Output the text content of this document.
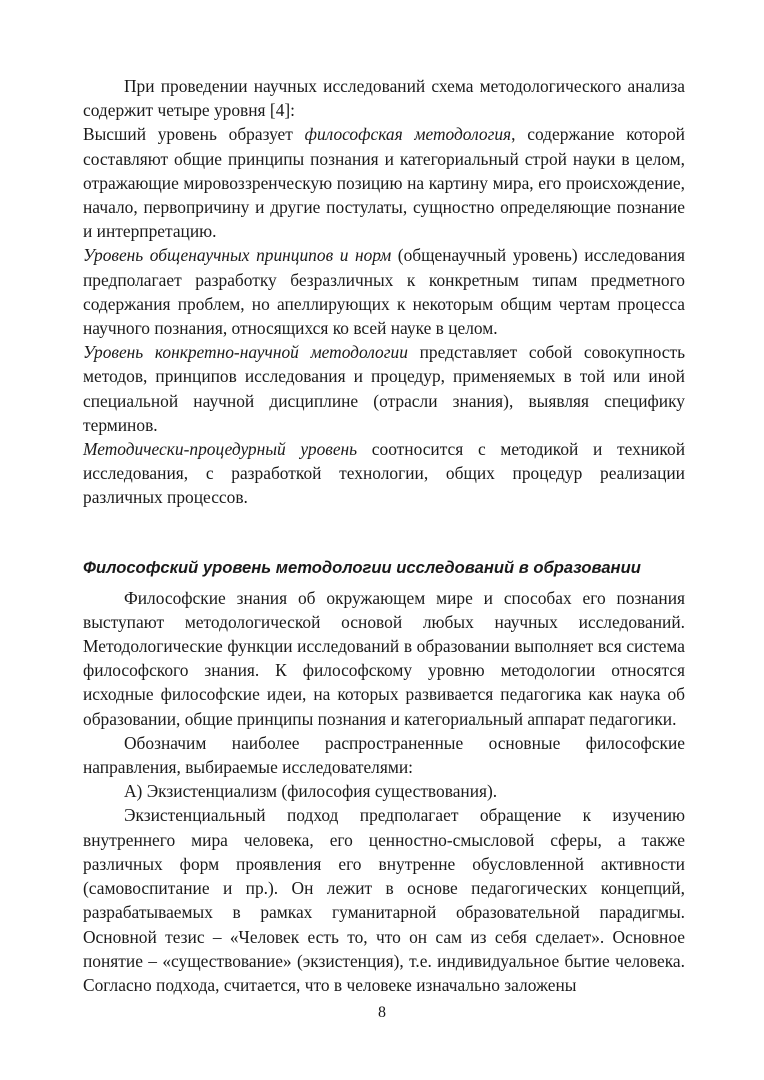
При проведении научных исследований схема методологического анализа содержит четыре уровня [4]:

Высший уровень образует философская методология, содержание которой составляют общие принципы познания и категориальный строй науки в целом, отражающие мировоззренческую позицию на картину мира, его происхождение, начало, первопричину и другие постулаты, сущностно определяющие познание и интерпретацию.

Уровень общенаучных принципов и норм (общенаучный уровень) исследования предполагает разработку безразличных к конкретным типам предметного содержания проблем, но апеллирующих к некоторым общим чертам процесса научного познания, относящихся ко всей науке в целом.

Уровень конкретно-научной методологии представляет собой совокупность методов, принципов исследования и процедур, применяемых в той или иной специальной научной дисциплине (отрасли знания), выявляя специфику терминов.

Методически-процедурный уровень соотносится с методикой и техникой исследования, с разработкой технологии, общих процедур реализации различных процессов.

Философский уровень методологии исследований в образовании

Философские знания об окружающем мире и способах его познания выступают методологической основой любых научных исследований. Методологические функции исследований в образовании выполняет вся система философского знания. К философскому уровню методологии относятся исходные философские идеи, на которых развивается педагогика как наука об образовании, общие принципы познания и категориальный аппарат педагогики.

Обозначим наиболее распространенные основные философские направления, выбираемые исследователями:

А) Экзистенциализм (философия существования).

Экзистенциальный подход предполагает обращение к изучению внутреннего мира человека, его ценностно-смысловой сферы, а также различных форм проявления его внутренне обусловленной активности (самовоспитание и пр.). Он лежит в основе педагогических концепций, разрабатываемых в рамках гуманитарной образовательной парадигмы. Основной тезис – «Человек есть то, что он сам из себя сделает». Основное понятие – «существование» (экзистенция), т.е. индивидуальное бытие человека. Согласно подхода, считается, что в человеке изначально заложены

8
